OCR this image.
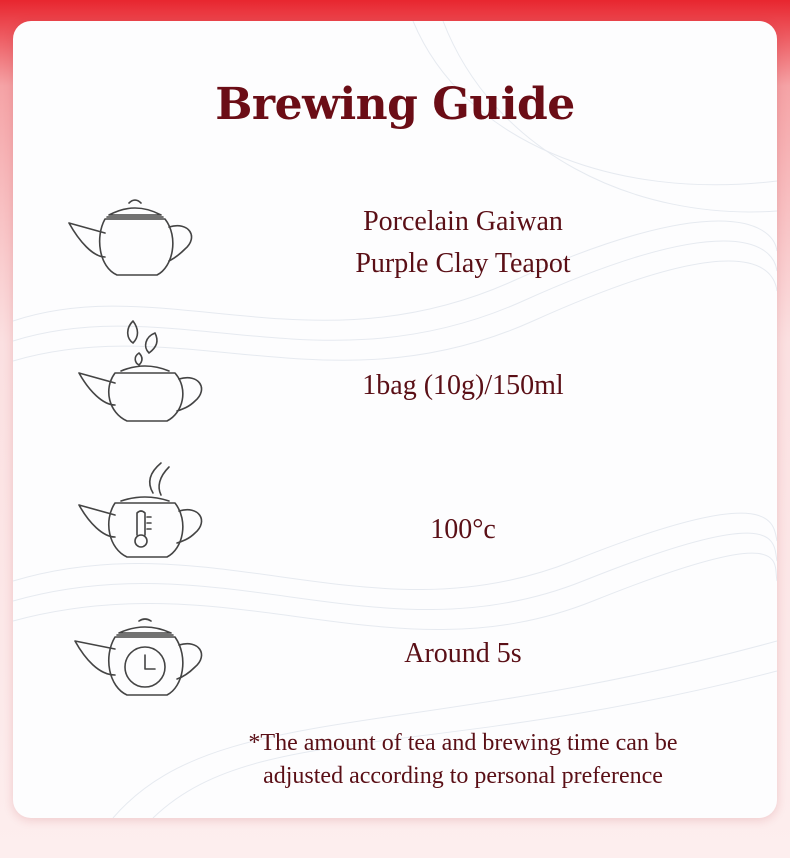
Brewing Guide
Porcelain Gaiwan
Purple Clay Teapot
1bag (10g)/150ml
100°c
Around 5s
*The amount of tea and brewing time can be
adjusted according to personal preference
